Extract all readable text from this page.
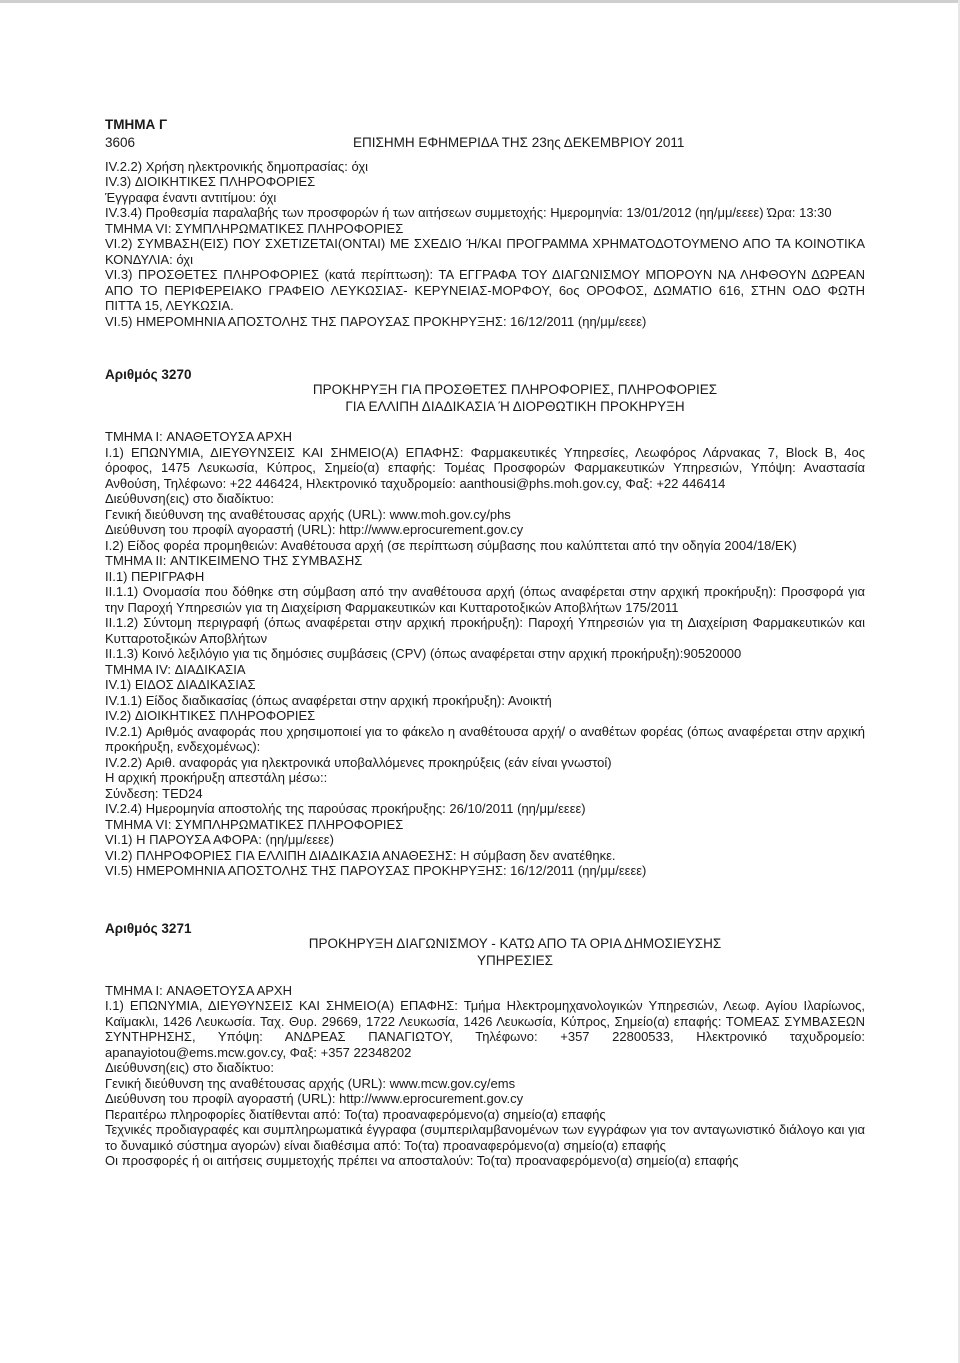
ΤΜΗΜΑ Γ
3606	ΕΠΙΣΗΜΗ ΕΦΗΜΕΡΙΔΑ ΤΗΣ 23ης ΔΕΚΕΜΒΡΙΟΥ 2011

IV.2.2) Χρήση ηλεκτρονικής δημοπρασίας: όχι

IV.3) ΔΙΟΙΚΗΤΙΚΕΣ ΠΛΗΡΟΦΟΡΙΕΣ

Έγγραφα έναντι αντιτίμου: όχι

IV.3.4) Προθεσμία παραλαβής των προσφορών ή των αιτήσεων συμμετοχής: Ημερομηνία: 13/01/2012 (ηη/μμ/εεεε) Ώρα: 13:30

ΤΜΗΜΑ VI: ΣΥΜΠΛΗΡΩΜΑΤΙΚΕΣ ΠΛΗΡΟΦΟΡΙΕΣ

VI.2) ΣΥΜΒΑΣΗ(ΕΙΣ) ΠΟΥ ΣΧΕΤΙΖΕΤΑΙ(ΟΝΤΑΙ) ΜΕ ΣΧΕΔΙΟ Ή/ΚΑΙ ΠΡΟΓΡΑΜΜΑ ΧΡΗΜΑΤΟΔΟΤΟΥΜΕΝΟ ΑΠΟ ΤΑ ΚΟΙΝΟΤΙΚΑ ΚΟΝΔΥΛΙΑ: όχι

VI.3) ΠΡΟΣΘΕΤΕΣ ΠΛΗΡΟΦΟΡΙΕΣ (κατά περίπτωση): ΤΑ ΕΓΓΡΑΦΑ ΤΟΥ ΔΙΑΓΩΝΙΣΜΟΥ ΜΠΟΡΟΥΝ ΝΑ ΛΗΦΘΟΥΝ ΔΩΡΕΑΝ ΑΠΟ ΤΟ ΠΕΡΙΦΕΡΕΙΑΚΟ ΓΡΑΦΕΙΟ ΛΕΥΚΩΣΙΑΣ- ΚΕΡΥΝΕΙΑΣ-ΜΟΡΦΟΥ, 6ος ΟΡΟΦΟΣ, ΔΩΜΑΤΙΟ 616, ΣΤΗΝ ΟΔΟ ΦΩΤΗ ΠΙΤΤΑ 15, ΛΕΥΚΩΣΙΑ.

VI.5) ΗΜΕΡΟΜΗΝΙΑ ΑΠΟΣΤΟΛΗΣ ΤΗΣ ΠΑΡΟΥΣΑΣ ΠΡΟΚΗΡΥΞΗΣ: 16/12/2011 (ηη/μμ/εεεε)

Αριθμός 3270
ΠΡΟΚΗΡΥΞΗ ΓΙΑ ΠΡΟΣΘΕΤΕΣ ΠΛΗΡΟΦΟΡΙΕΣ, ΠΛΗΡΟΦΟΡΙΕΣ
ΓΙΑ ΕΛΛΙΠΗ ΔΙΑΔΙΚΑΣΙΑ Ή ΔΙΟΡΘΩΤΙΚΗ ΠΡΟΚΗΡΥΞΗ

ΤΜΗΜΑ I: ΑΝΑΘΕΤΟΥΣΑ ΑΡΧΗ

I.1) ΕΠΩΝΥΜΙΑ, ΔΙΕΥΘΥΝΣΕΙΣ ΚΑΙ ΣΗΜΕΙΟ(Α) ΕΠΑΦΗΣ: Φαρμακευτικές Υπηρεσίες, Λεωφόρος Λάρνακας 7, Block B, 4ος όροφος, 1475 Λευκωσία, Κύπρος, Σημείο(α) επαφής: Τομέας Προσφορών Φαρμακευτικών Υπηρεσιών, Υπόψη: Αναστασία Ανθούση, Τηλέφωνο: +22 446424, Ηλεκτρονικό ταχυδρομείο: aanthousi@phs.moh.gov.cy, Φαξ: +22 446414

Διεύθυνση(εις) στο διαδίκτυο:

Γενική διεύθυνση της αναθέτουσας αρχής (URL): www.moh.gov.cy/phs

Διεύθυνση του προφίλ αγοραστή (URL): http://www.eprocurement.gov.cy

I.2) Είδος φορέα προμηθειών: Αναθέτουσα αρχή (σε περίπτωση σύμβασης που καλύπτεται από την οδηγία 2004/18/ΕΚ)

ΤΜΗΜΑ II: ΑΝΤΙΚΕΙΜΕΝΟ ΤΗΣ ΣΥΜΒΑΣΗΣ

II.1) ΠΕΡΙΓΡΑΦΗ

II.1.1) Ονομασία που δόθηκε στη σύμβαση από την αναθέτουσα αρχή (όπως αναφέρεται στην αρχική προκήρυξη): Προσφορά για την Παροχή Υπηρεσιών για τη Διαχείριση Φαρμακευτικών και Κυτταροτοξικών Αποβλήτων 175/2011

II.1.2) Σύντομη περιγραφή (όπως αναφέρεται στην αρχική προκήρυξη): Παροχή Υπηρεσιών για τη Διαχείριση Φαρμακευτικών και Κυτταροτοξικών Αποβλήτων

II.1.3) Κοινό λεξιλόγιο για τις δημόσιες συμβάσεις (CPV) (όπως αναφέρεται στην αρχική προκήρυξη):90520000

ΤΜΗΜΑ IV: ΔΙΑΔΙΚΑΣΙΑ

IV.1) ΕΙΔΟΣ ΔΙΑΔΙΚΑΣΙΑΣ

IV.1.1) Είδος διαδικασίας (όπως αναφέρεται στην αρχική προκήρυξη): Ανοικτή

IV.2) ΔΙΟΙΚΗΤΙΚΕΣ ΠΛΗΡΟΦΟΡΙΕΣ

IV.2.1) Αριθμός αναφοράς που χρησιμοποιεί για το φάκελο η αναθέτουσα αρχή/ ο αναθέτων φορέας (όπως αναφέρεται στην αρχική προκήρυξη, ενδεχομένως):

IV.2.2) Αριθ. αναφοράς για ηλεκτρονικά υποβαλλόμενες προκηρύξεις (εάν είναι γνωστοί)

Η αρχική προκήρυξη απεστάλη μέσω::

Σύνδεση: TED24

IV.2.4) Ημερομηνία αποστολής της παρούσας προκήρυξης: 26/10/2011 (ηη/μμ/εεεε)

ΤΜΗΜΑ VI: ΣΥΜΠΛΗΡΩΜΑΤΙΚΕΣ ΠΛΗΡΟΦΟΡΙΕΣ

VI.1) Η ΠΑΡΟΥΣΑ ΑΦΟΡΑ: (ηη/μμ/εεεε)

VI.2) ΠΛΗΡΟΦΟΡΙΕΣ ΓΙΑ ΕΛΛΙΠΗ ΔΙΑΔΙΚΑΣΙΑ ΑΝΑΘΕΣΗΣ: Η σύμβαση δεν ανατέθηκε.

VI.5) ΗΜΕΡΟΜΗΝΙΑ ΑΠΟΣΤΟΛΗΣ ΤΗΣ ΠΑΡΟΥΣΑΣ ΠΡΟΚΗΡΥΞΗΣ: 16/12/2011 (ηη/μμ/εεεε)

Αριθμός 3271
ΠΡΟΚΗΡΥΞΗ ΔΙΑΓΩΝΙΣΜΟΥ - ΚΑΤΩ ΑΠΟ ΤΑ ΟΡΙΑ ΔΗΜΟΣΙΕΥΣΗΣ
ΥΠΗΡΕΣΙΕΣ

ΤΜΗΜΑ I: ΑΝΑΘΕΤΟΥΣΑ ΑΡΧΗ

I.1) ΕΠΩΝΥΜΙΑ, ΔΙΕΥΘΥΝΣΕΙΣ ΚΑΙ ΣΗΜΕΙΟ(Α) ΕΠΑΦΗΣ: Τμήμα Ηλεκτρομηχανολογικών Υπηρεσιών, Λεωφ. Αγίου Ιλαρίωνος, Καϊμακλι, 1426 Λευκωσία. Ταχ. Θυρ. 29669, 1722 Λευκωσία, 1426 Λευκωσία, Κύπρος, Σημείο(α) επαφής: ΤΟΜΕΑΣ ΣΥΜΒΑΣΕΩΝ ΣΥΝΤΗΡΗΣΗΣ, Υπόψη: ΑΝΔΡΕΑΣ ΠΑΝΑΓΙΩΤΟΥ, Τηλέφωνο: +357 22800533, Ηλεκτρονικό ταχυδρομείο: apanayiotou@ems.mcw.gov.cy, Φαξ: +357 22348202

Διεύθυνση(εις) στο διαδίκτυο:

Γενική διεύθυνση της αναθέτουσας αρχής (URL): www.mcw.gov.cy/ems

Διεύθυνση του προφίλ αγοραστή (URL): http://www.eprocurement.gov.cy

Περαιτέρω πληροφορίες διατίθενται από: Το(τα) προαναφερόμενο(α) σημείο(α) επαφής

Τεχνικές προδιαγραφές και συμπληρωματικά έγγραφα (συμπεριλαμβανομένων των εγγράφων για τον ανταγωνιστικό διάλογο και για το δυναμικό σύστημα αγορών) είναι διαθέσιμα από: Το(τα) προαναφερόμενο(α) σημείο(α) επαφής

Οι προσφορές ή οι αιτήσεις συμμετοχής πρέπει να αποσταλούν: Το(τα) προαναφερόμενο(α) σημείο(α) επαφής
